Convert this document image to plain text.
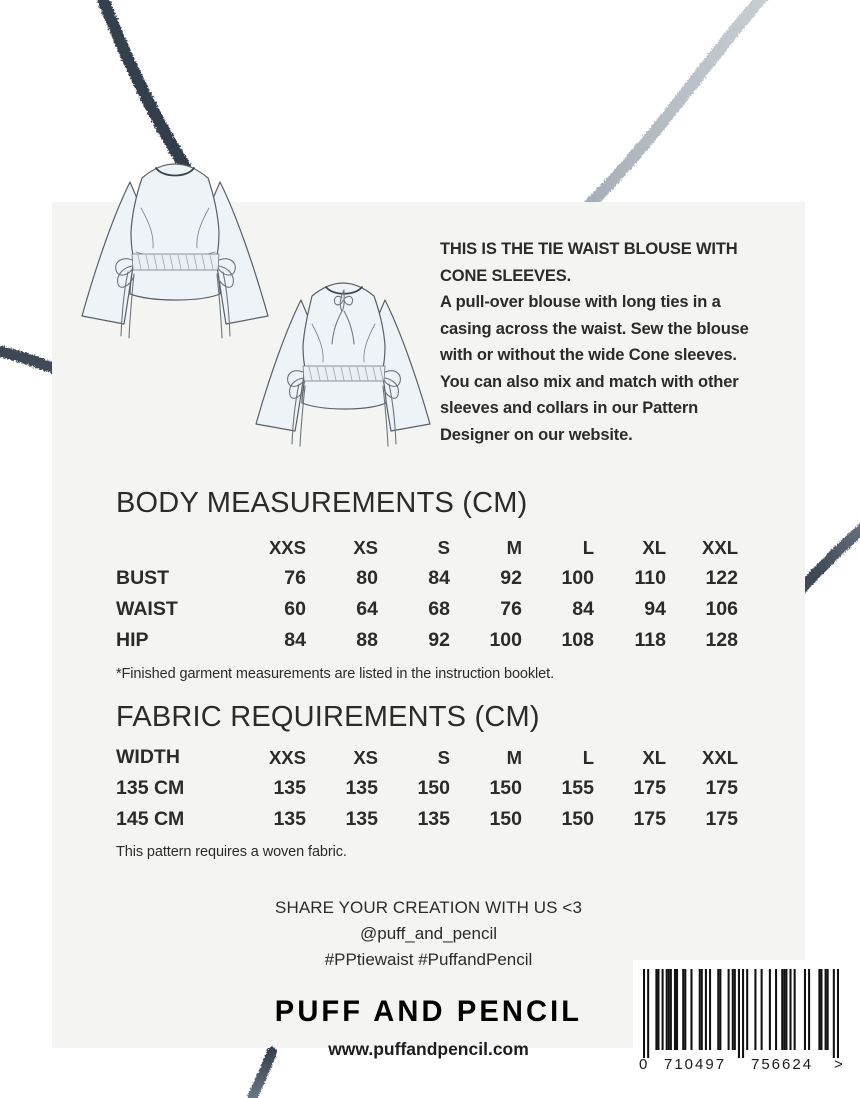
THIS IS THE TIE WAIST BLOUSE WITH CONE SLEEVES.
A pull-over blouse with long ties in a casing across the waist. Sew the blouse with or without the wide Cone sleeves. You can also mix and match with other sleeves and collars in our Pattern Designer on our website.
BODY MEASUREMENTS (CM)
	XXS	XS	S	M	L	XL	XXL
BUST	76	80	84	92	100	110	122
WAIST	60	64	68	76	84	94	106
HIP	84	88	92	100	108	118	128
*Finished garment measurements are listed in the instruction booklet.
FABRIC REQUIREMENTS (CM)
WIDTH	XXS	XS	S	M	L	XL	XXL
135 CM	135	135	150	150	155	175	175
145 CM	135	135	135	150	150	175	175
This pattern requires a woven fabric.
SHARE YOUR CREATION WITH US <3
@puff_and_pencil
#PPtiewaist #PuffandPencil
PUFF AND PENCIL
www.puffandpencil.com
0 710497 756624 >
